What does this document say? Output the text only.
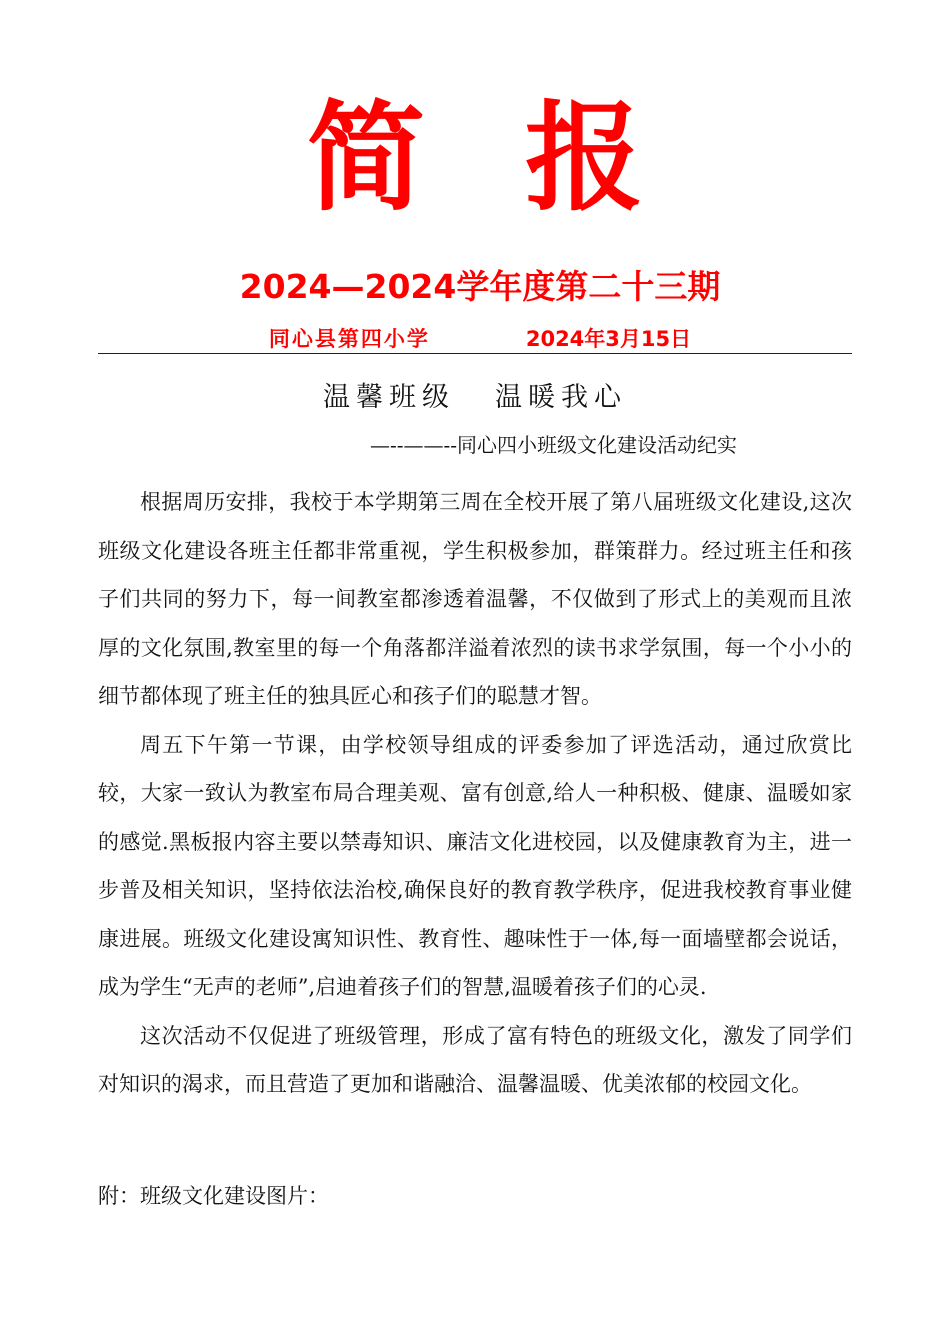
简报
2024—2024学年度第二十三期
同心县第四小学	2024年3月15日
温馨班级 温暖我心
—--——--同心四小班级文化建设活动纪实

根据周历安排，我校于本学期第三周在全校开展了第八届班级文化建设,这次班级文化建设各班主任都非常重视，学生积极参加，群策群力。经过班主任和孩子们共同的努力下，每一间教室都渗透着温馨，不仅做到了形式上的美观而且浓厚的文化氛围,教室里的每一个角落都洋溢着浓烈的读书求学氛围，每一个小小的细节都体现了班主任的独具匠心和孩子们的聪慧才智。

周五下午第一节课，由学校领导组成的评委参加了评选活动，通过欣赏比较，大家一致认为教室布局合理美观、富有创意,给人一种积极、健康、温暖如家的感觉.黑板报内容主要以禁毒知识、廉洁文化进校园，以及健康教育为主，进一步普及相关知识，坚持依法治校,确保良好的教育教学秩序，促进我校教育事业健康进展。班级文化建设寓知识性、教育性、趣味性于一体,每一面墙壁都会说话，成为学生“无声的老师”,启迪着孩子们的智慧,温暖着孩子们的心灵.

这次活动不仅促进了班级管理，形成了富有特色的班级文化，激发了同学们对知识的渴求，而且营造了更加和谐融洽、温馨温暖、优美浓郁的校园文化。

附：班级文化建设图片：
